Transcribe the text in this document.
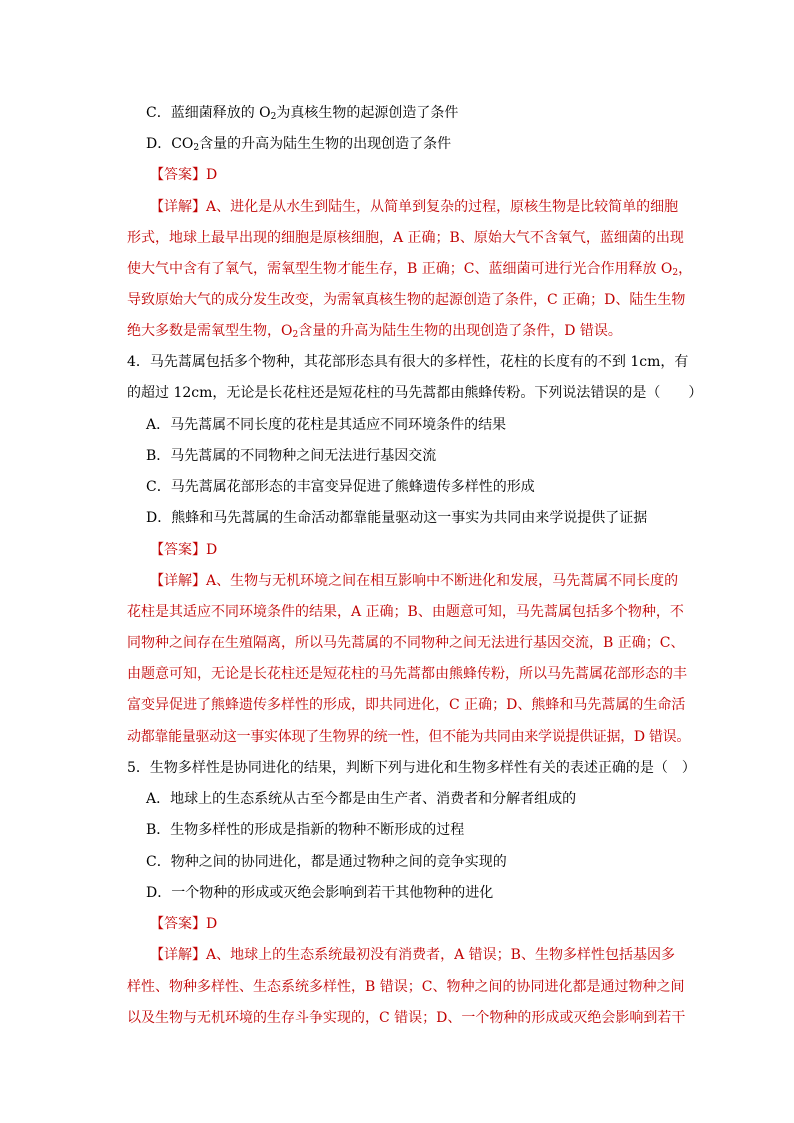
C．蓝细菌释放的 $O_2$为真核生物的起源创造了条件
D．$CO_2$含量的升高为陆生生物的出现创造了条件
【答案】D
【详解】A、进化是从水生到陆生，从简单到复杂的过程，原核生物是比较简单的细胞
形式，地球上最早出现的细胞是原核细胞，A 正确；B、原始大气不含氧气，蓝细菌的出现
使大气中含有了氧气，需氧型生物才能生存，B 正确；C、蓝细菌可进行光合作用释放 $O_2$，
导致原始大气的成分发生改变，为需氧真核生物的起源创造了条件，C 正确；D、陆生生物
绝大多数是需氧型生物，$O_2$含量的升高为陆生生物的出现创造了条件，D 错误。
4．马先蒿属包括多个物种，其花部形态具有很大的多样性，花柱的长度有的不到 1cm，有
的超过 12cm，无论是长花柱还是短花柱的马先蒿都由熊蜂传粉。下列说法错误的是（　　）
A．马先蒿属不同长度的花柱是其适应不同环境条件的结果
B．马先蒿属的不同物种之间无法进行基因交流
C．马先蒿属花部形态的丰富变异促进了熊蜂遗传多样性的形成
D．熊蜂和马先蒿属的生命活动都靠能量驱动这一事实为共同由来学说提供了证据
【答案】D
【详解】A、生物与无机环境之间在相互影响中不断进化和发展，马先蒿属不同长度的
花柱是其适应不同环境条件的结果，A 正确；B、由题意可知，马先蒿属包括多个物种，不
同物种之间存在生殖隔离，所以马先蒿属的不同物种之间无法进行基因交流，B 正确；C、
由题意可知，无论是长花柱还是短花柱的马先蒿都由熊蜂传粉，所以马先蒿属花部形态的丰
富变异促进了熊蜂遗传多样性的形成，即共同进化，C 正确；D、熊蜂和马先蒿属的生命活
动都靠能量驱动这一事实体现了生物界的统一性，但不能为共同由来学说提供证据，D 错误。
5．生物多样性是协同进化的结果，判断下列与进化和生物多样性有关的表述正确的是（　）
A．地球上的生态系统从古至今都是由生产者、消费者和分解者组成的
B．生物多样性的形成是指新的物种不断形成的过程
C．物种之间的协同进化，都是通过物种之间的竞争实现的
D．一个物种的形成或灭绝会影响到若干其他物种的进化
【答案】D
【详解】A、地球上的生态系统最初没有消费者，A 错误；B、生物多样性包括基因多
样性、物种多样性、生态系统多样性，B 错误；C、物种之间的协同进化都是通过物种之间
以及生物与无机环境的生存斗争实现的，C 错误；D、一个物种的形成或灭绝会影响到若干
